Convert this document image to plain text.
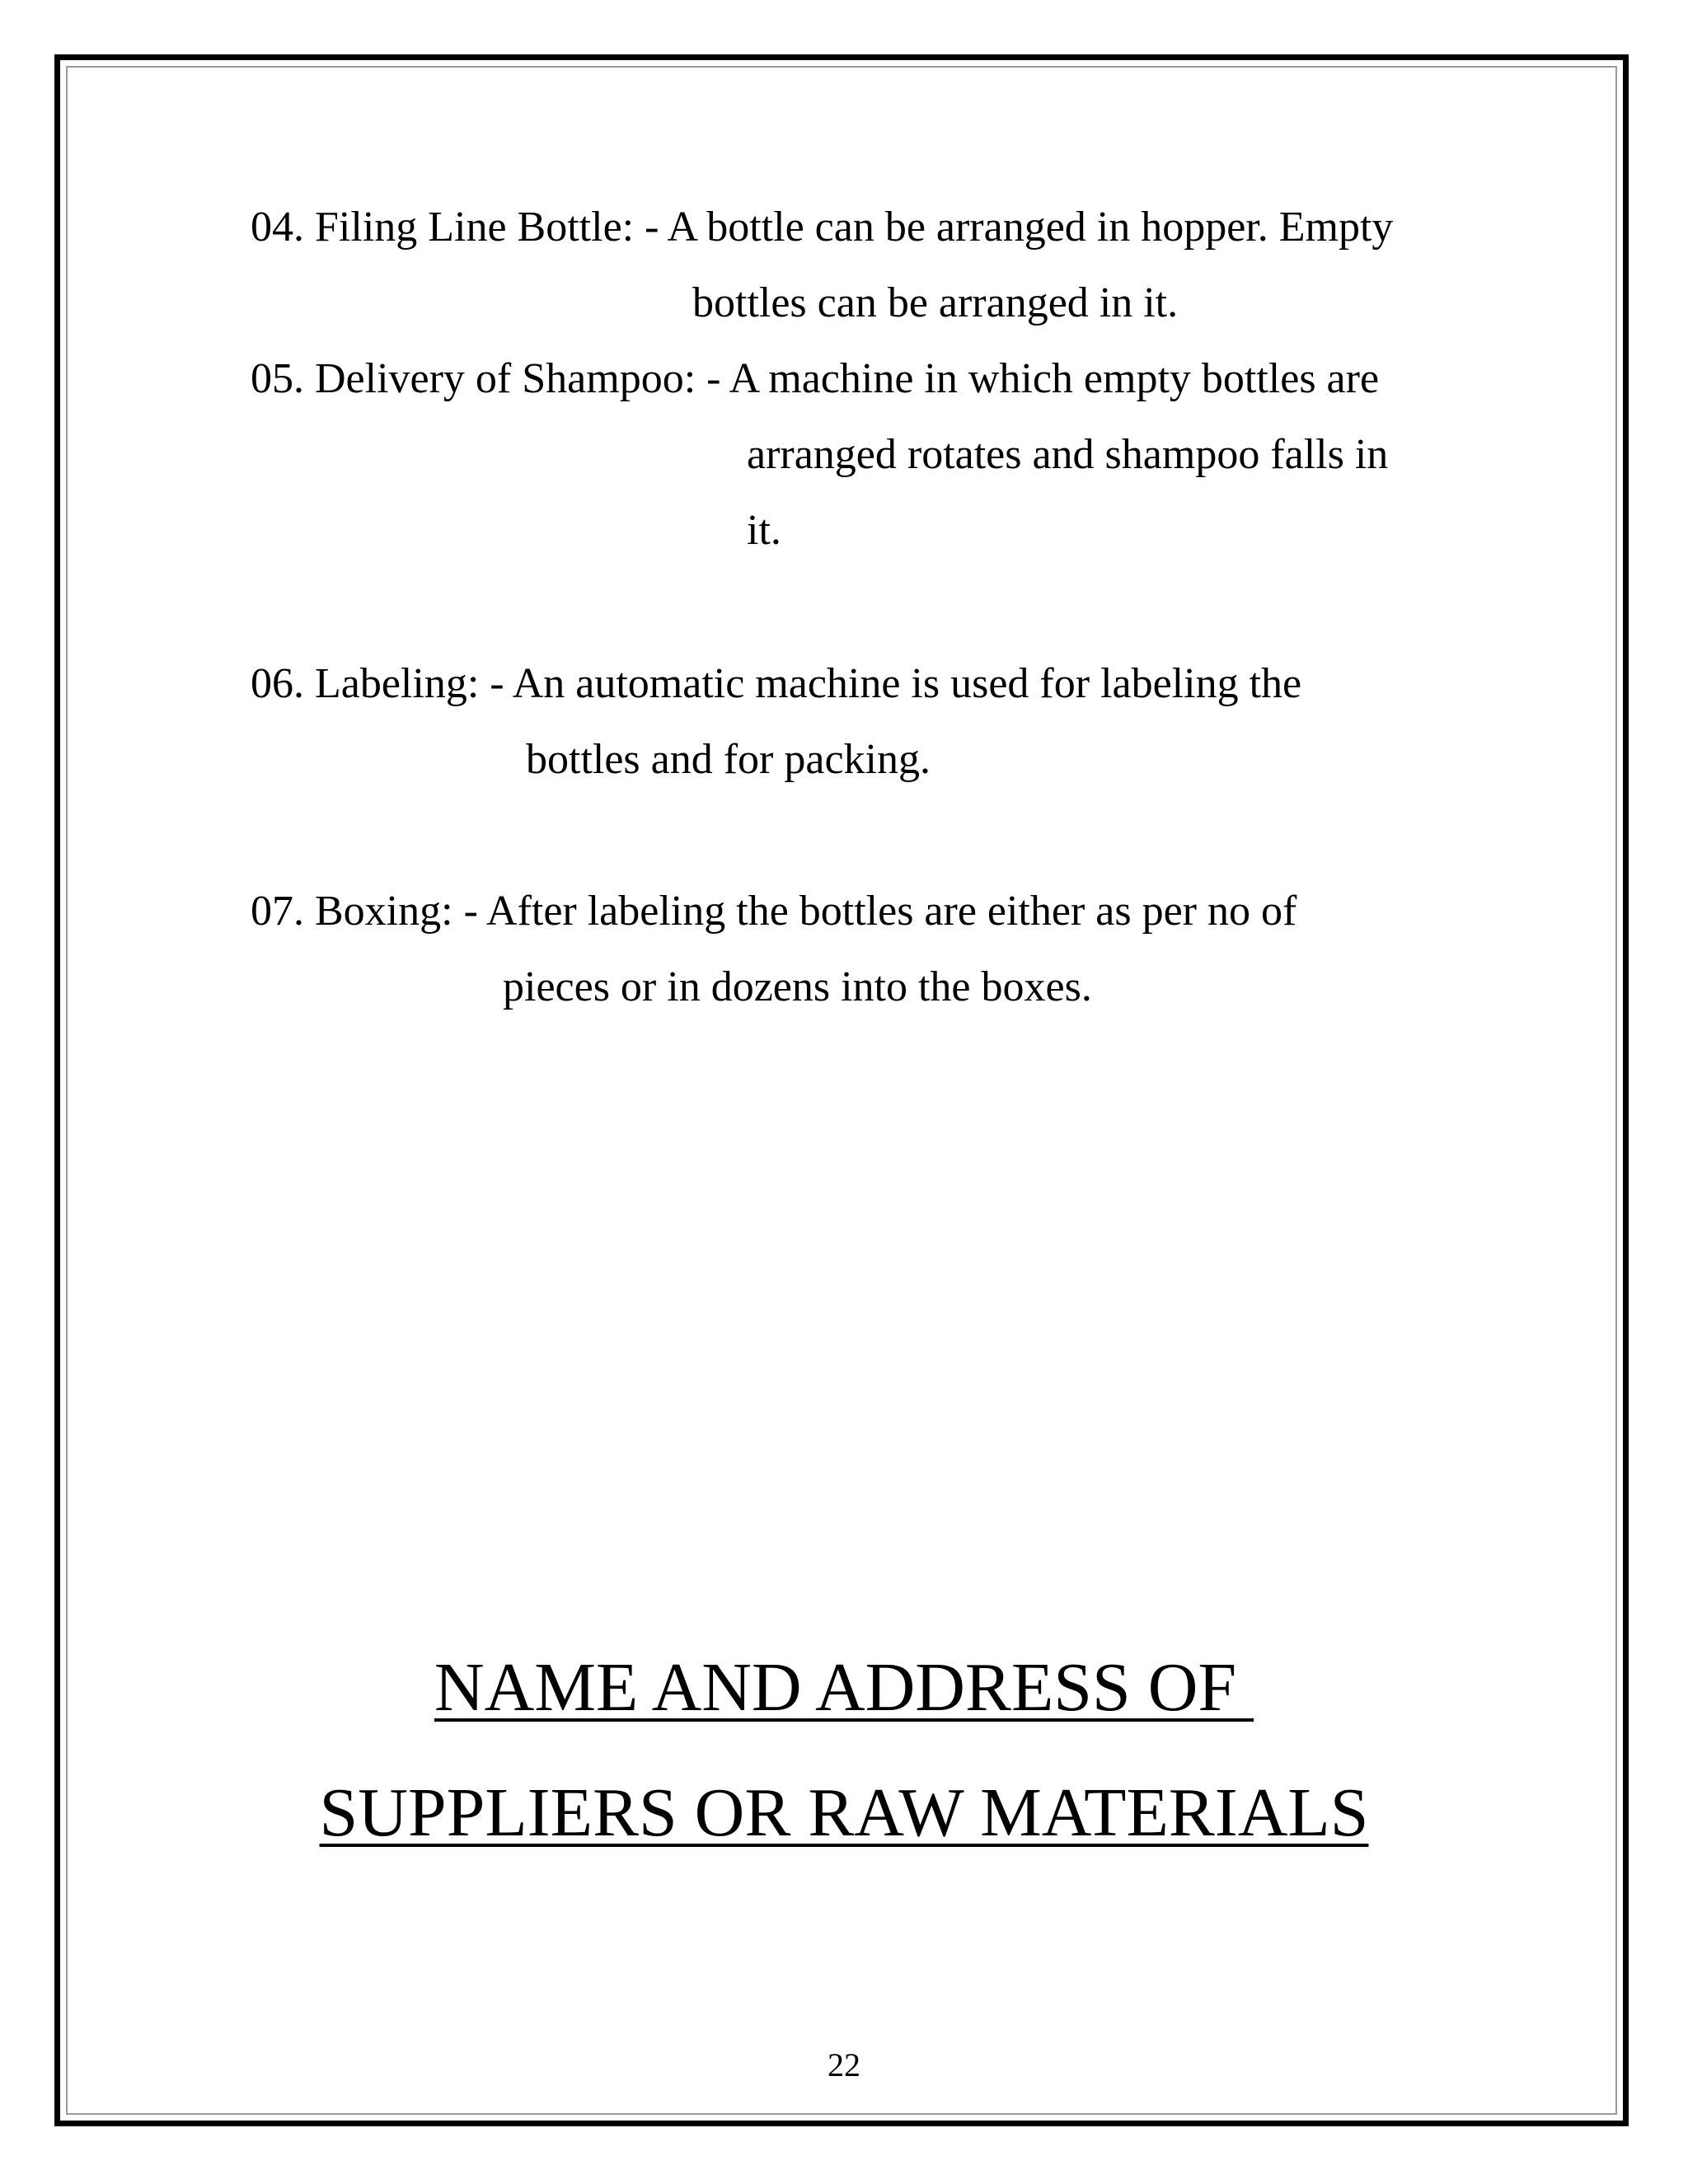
04. Filing Line Bottle: - A bottle can be arranged in hopper. Empty
bottles can be arranged in it.
05. Delivery of Shampoo: - A machine in which empty bottles are
arranged rotates and shampoo falls in
it.
06. Labeling: - An automatic machine is used for labeling the
bottles and for packing.
07. Boxing: - After labeling the bottles are either as per no of
pieces or in dozens into the boxes.
NAME AND ADDRESS OF
SUPPLIERS OR RAW MATERIALS
22
